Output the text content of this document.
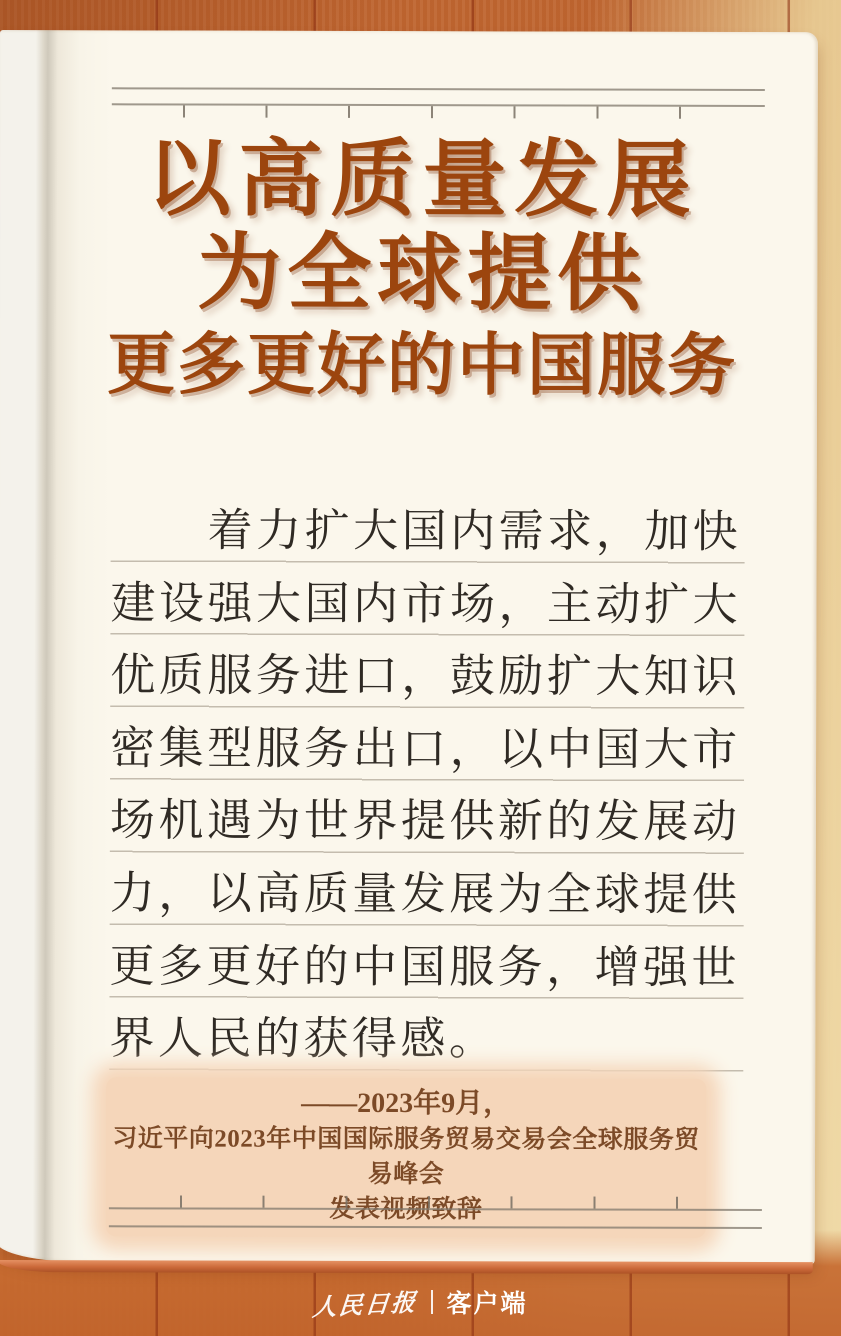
以高质量发展
为全球提供
更多更好的中国服务
着力扩大国内需求，加快
建设强大国内市场，主动扩大
优质服务进口，鼓励扩大知识
密集型服务出口，以中国大市
场机遇为世界提供新的发展动
力，以高质量发展为全球提供
更多更好的中国服务，增强世
界人民的获得感。
——2023年9月，
习近平向2023年中国国际服务贸易交易会全球服务贸易峰会
人民日报 客户端
